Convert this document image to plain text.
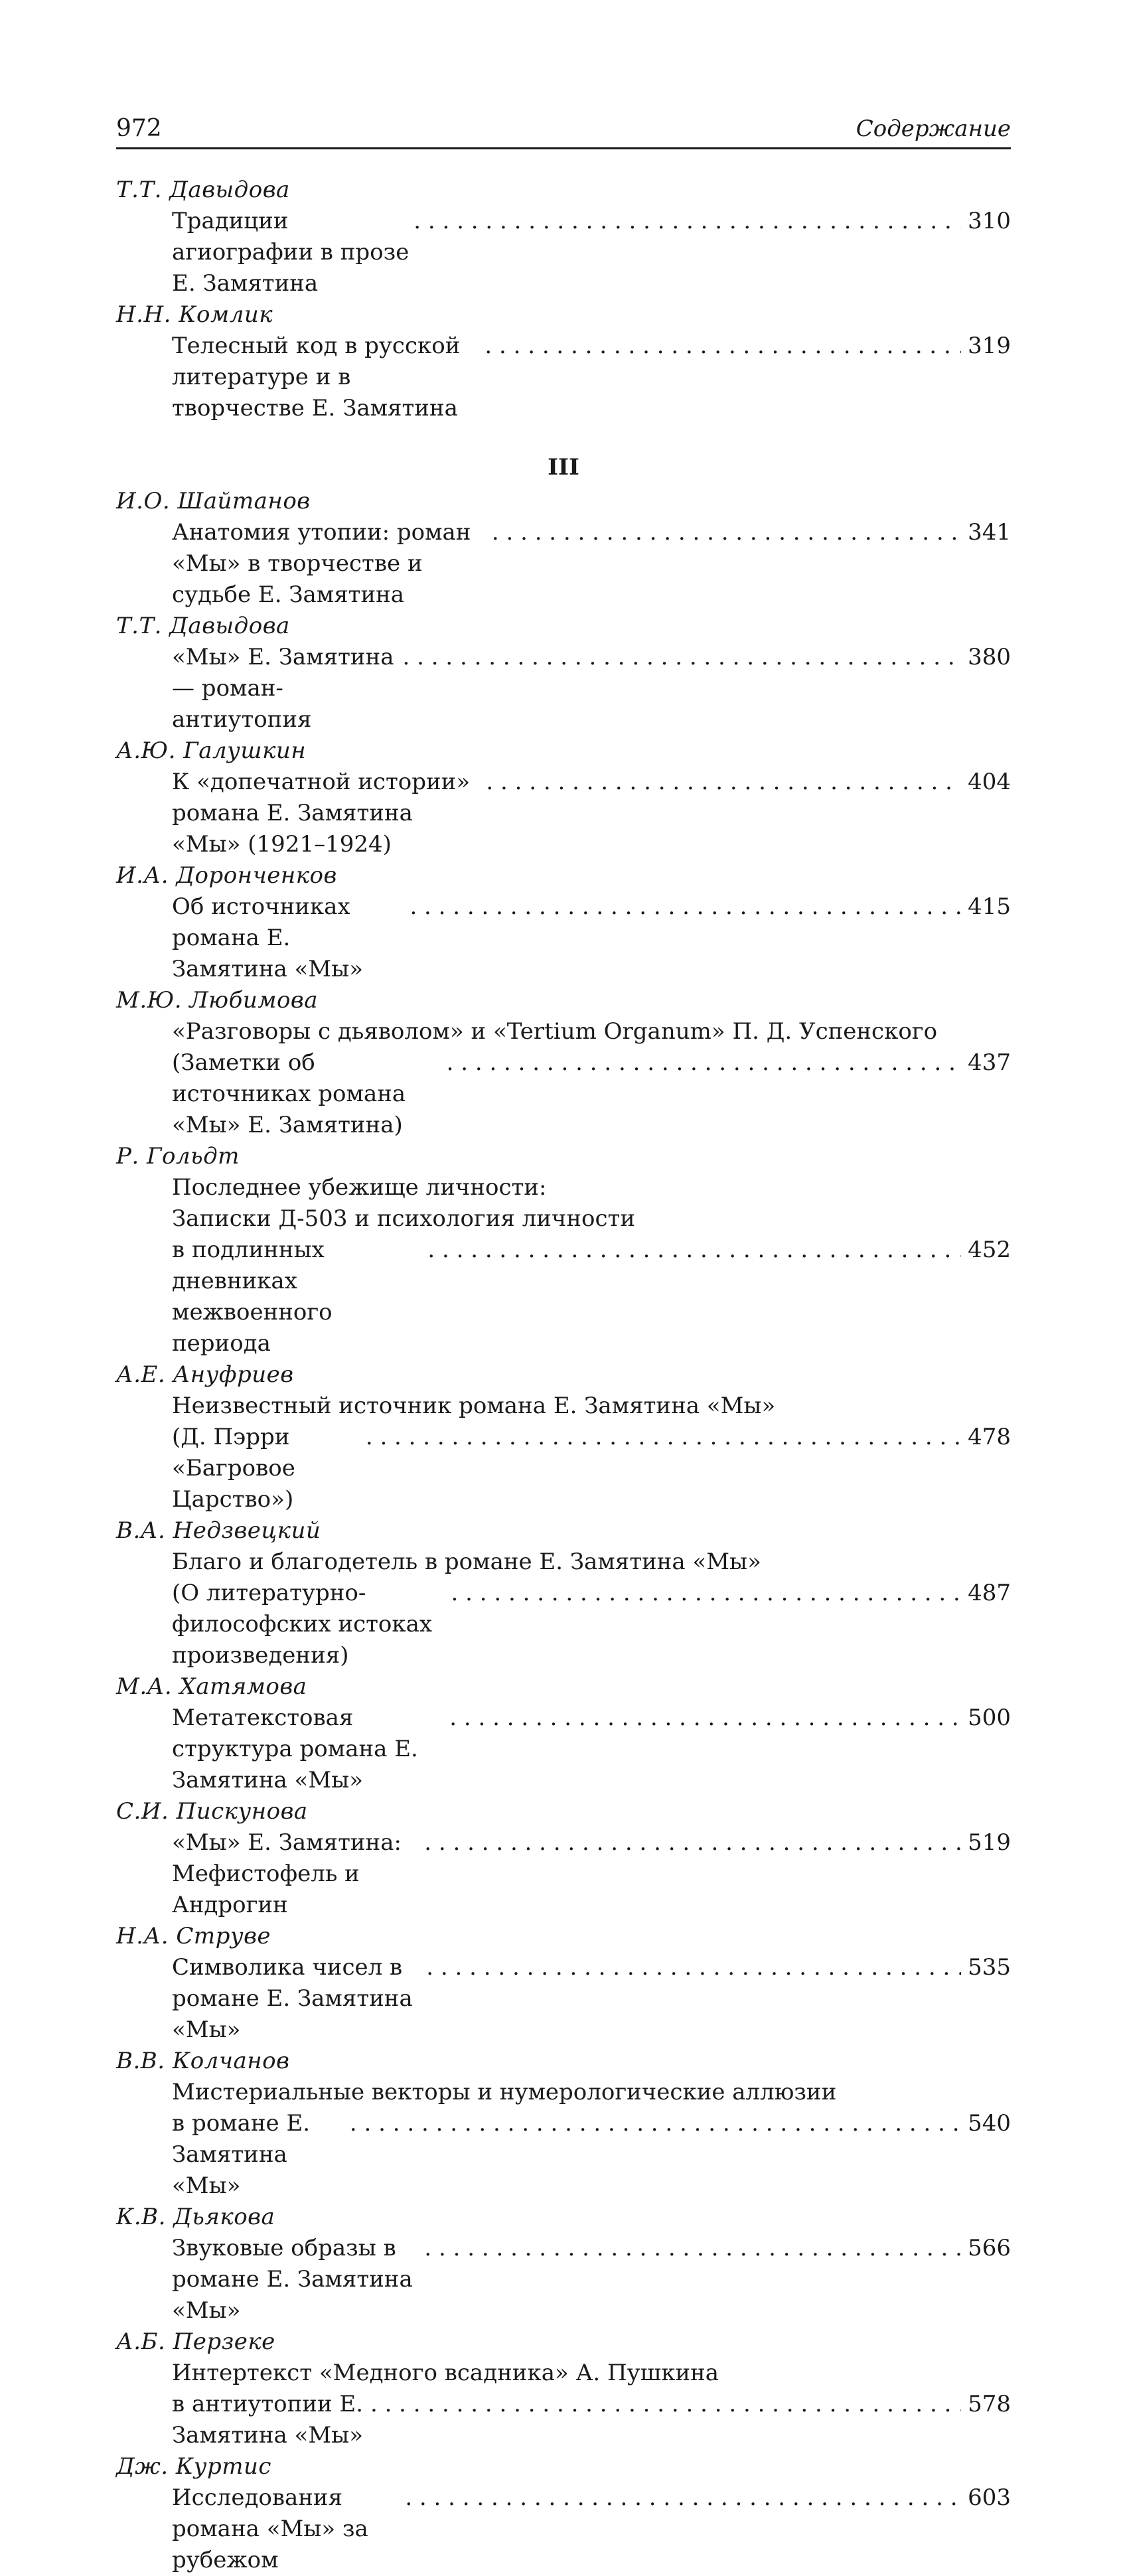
972	Содержание
Т.Т. Давыдова
Традиции агиографии в прозе Е. Замятина
. . .
310
Н.Н. Комлик
Телесный код в русской литературе и в творчестве Е. Замятина
. . .
319
III
И.О. Шайтанов
Анатомия утопии: роман «Мы» в творчестве и судьбе Е. Замятина
. . .
341
Т.Т. Давыдова
«Мы» Е. Замятина — роман-антиутопия
. . .
380
А.Ю. Галушкин
К «допечатной истории» романа Е. Замятина «Мы» (1921–1924)
. . .
404
И.А. Доронченков
Об источниках романа Е. Замятина «Мы»
. . .
415
М.Ю. Любимова
«Разговоры с дьяволом» и «Tertium Organum» П. Д. Успенского
(Заметки об источниках романа «Мы» Е. Замятина)
. . .
437
Р. Гольдт
Последнее убежище личности:
Записки Д-503 и психология личности
в подлинных дневниках межвоенного периода
. . .
452
А.Е. Ануфриев
Неизвестный источник романа Е. Замятина «Мы»
(Д. Пэрри «Багровое Царство»)
. . .
478
В.А. Недзвецкий
Благо и благодетель в романе Е. Замятина «Мы»
(О литературно-философских истоках произведения)
. . .
487
М.А. Хатямова
Метатекстовая структура романа Е. Замятина «Мы»
. . .
500
С.И. Пискунова
«Мы» Е. Замятина: Мефистофель и Андрогин
. . .
519
Н.А. Струве
Символика чисел в романе Е. Замятина «Мы»
. . .
535
В.В. Колчанов
Мистериальные векторы и нумерологические аллюзии
в романе Е. Замятина «Мы»
. . .
540
К.В. Дьякова
Звуковые образы в романе Е. Замятина «Мы»
. . .
566
А.Б. Перзеке
Интертекст «Медного всадника» А. Пушкина
в антиутопии Е. Замятина «Мы»
. . .
578
Дж. Куртис
Исследования романа «Мы» за рубежом
. . .
603
